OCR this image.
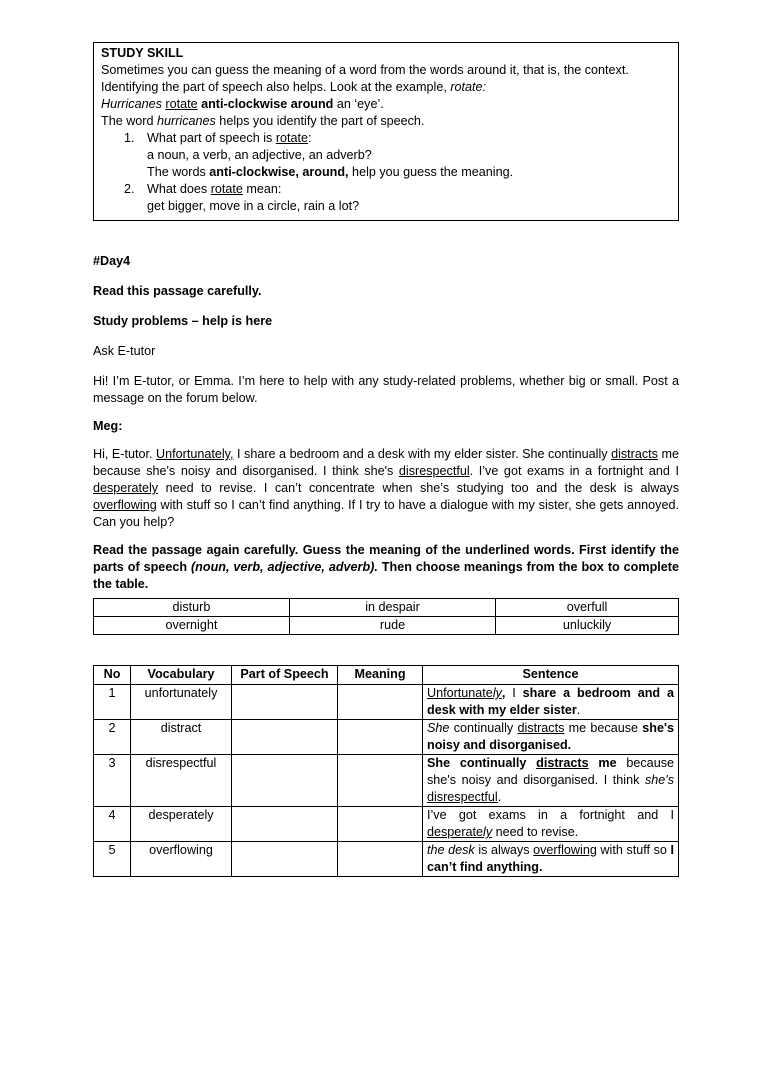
STUDY SKILL

Sometimes you can guess the meaning of a word from the words around it, that is, the context.

Identifying the part of speech also helps. Look at the example, rotate:

Hurricanes rotate anti-clockwise around an ‘eye’.

The word hurricanes helps you identify the part of speech.

1. What part of speech is rotate:
a noun, a verb, an adjective, an adverb?
The words anti-clockwise, around, help you guess the meaning.
2. What does rotate mean:
get bigger, move in a circle, rain a lot?

#Day4

Read this passage carefully.

Study problems – help is here

Ask E-tutor

Hi! I’m E-tutor, or Emma. I’m here to help with any study-related problems, whether big or small. Post a message on the forum below.

Meg:

Hi, E-tutor. Unfortunately, I share a bedroom and a desk with my elder sister. She continually distracts me because she's noisy and disorganised. I think she's disrespectful. I’ve got exams in a fortnight and I desperately need to revise. I can’t concentrate when she’s studying too and the desk is always overflowing with stuff so I can’t find anything. If I try to have a dialogue with my sister, she gets annoyed. Can you help?

Read the passage again carefully. Guess the meaning of the underlined words. First identify the parts of speech (noun, verb, adjective, adverb). Then choose meanings from the box to complete the table.

disturb	in despair	overfull
overnight	rude	unluckily
No	Vocabulary	Part of Speech	Meaning	Sentence
1	unfortunately			Unfortunately, I share a bedroom and a desk with my elder sister.
2	distract			She continually distracts me because she's noisy and disorganised.
3	disrespectful			She continually distracts me because she's noisy and disorganised. I think she's disrespectful.
4	desperately			I’ve got exams in a fortnight and I desperately need to revise.
5	overflowing			the desk is always overflowing with stuff so I can’t find anything.
